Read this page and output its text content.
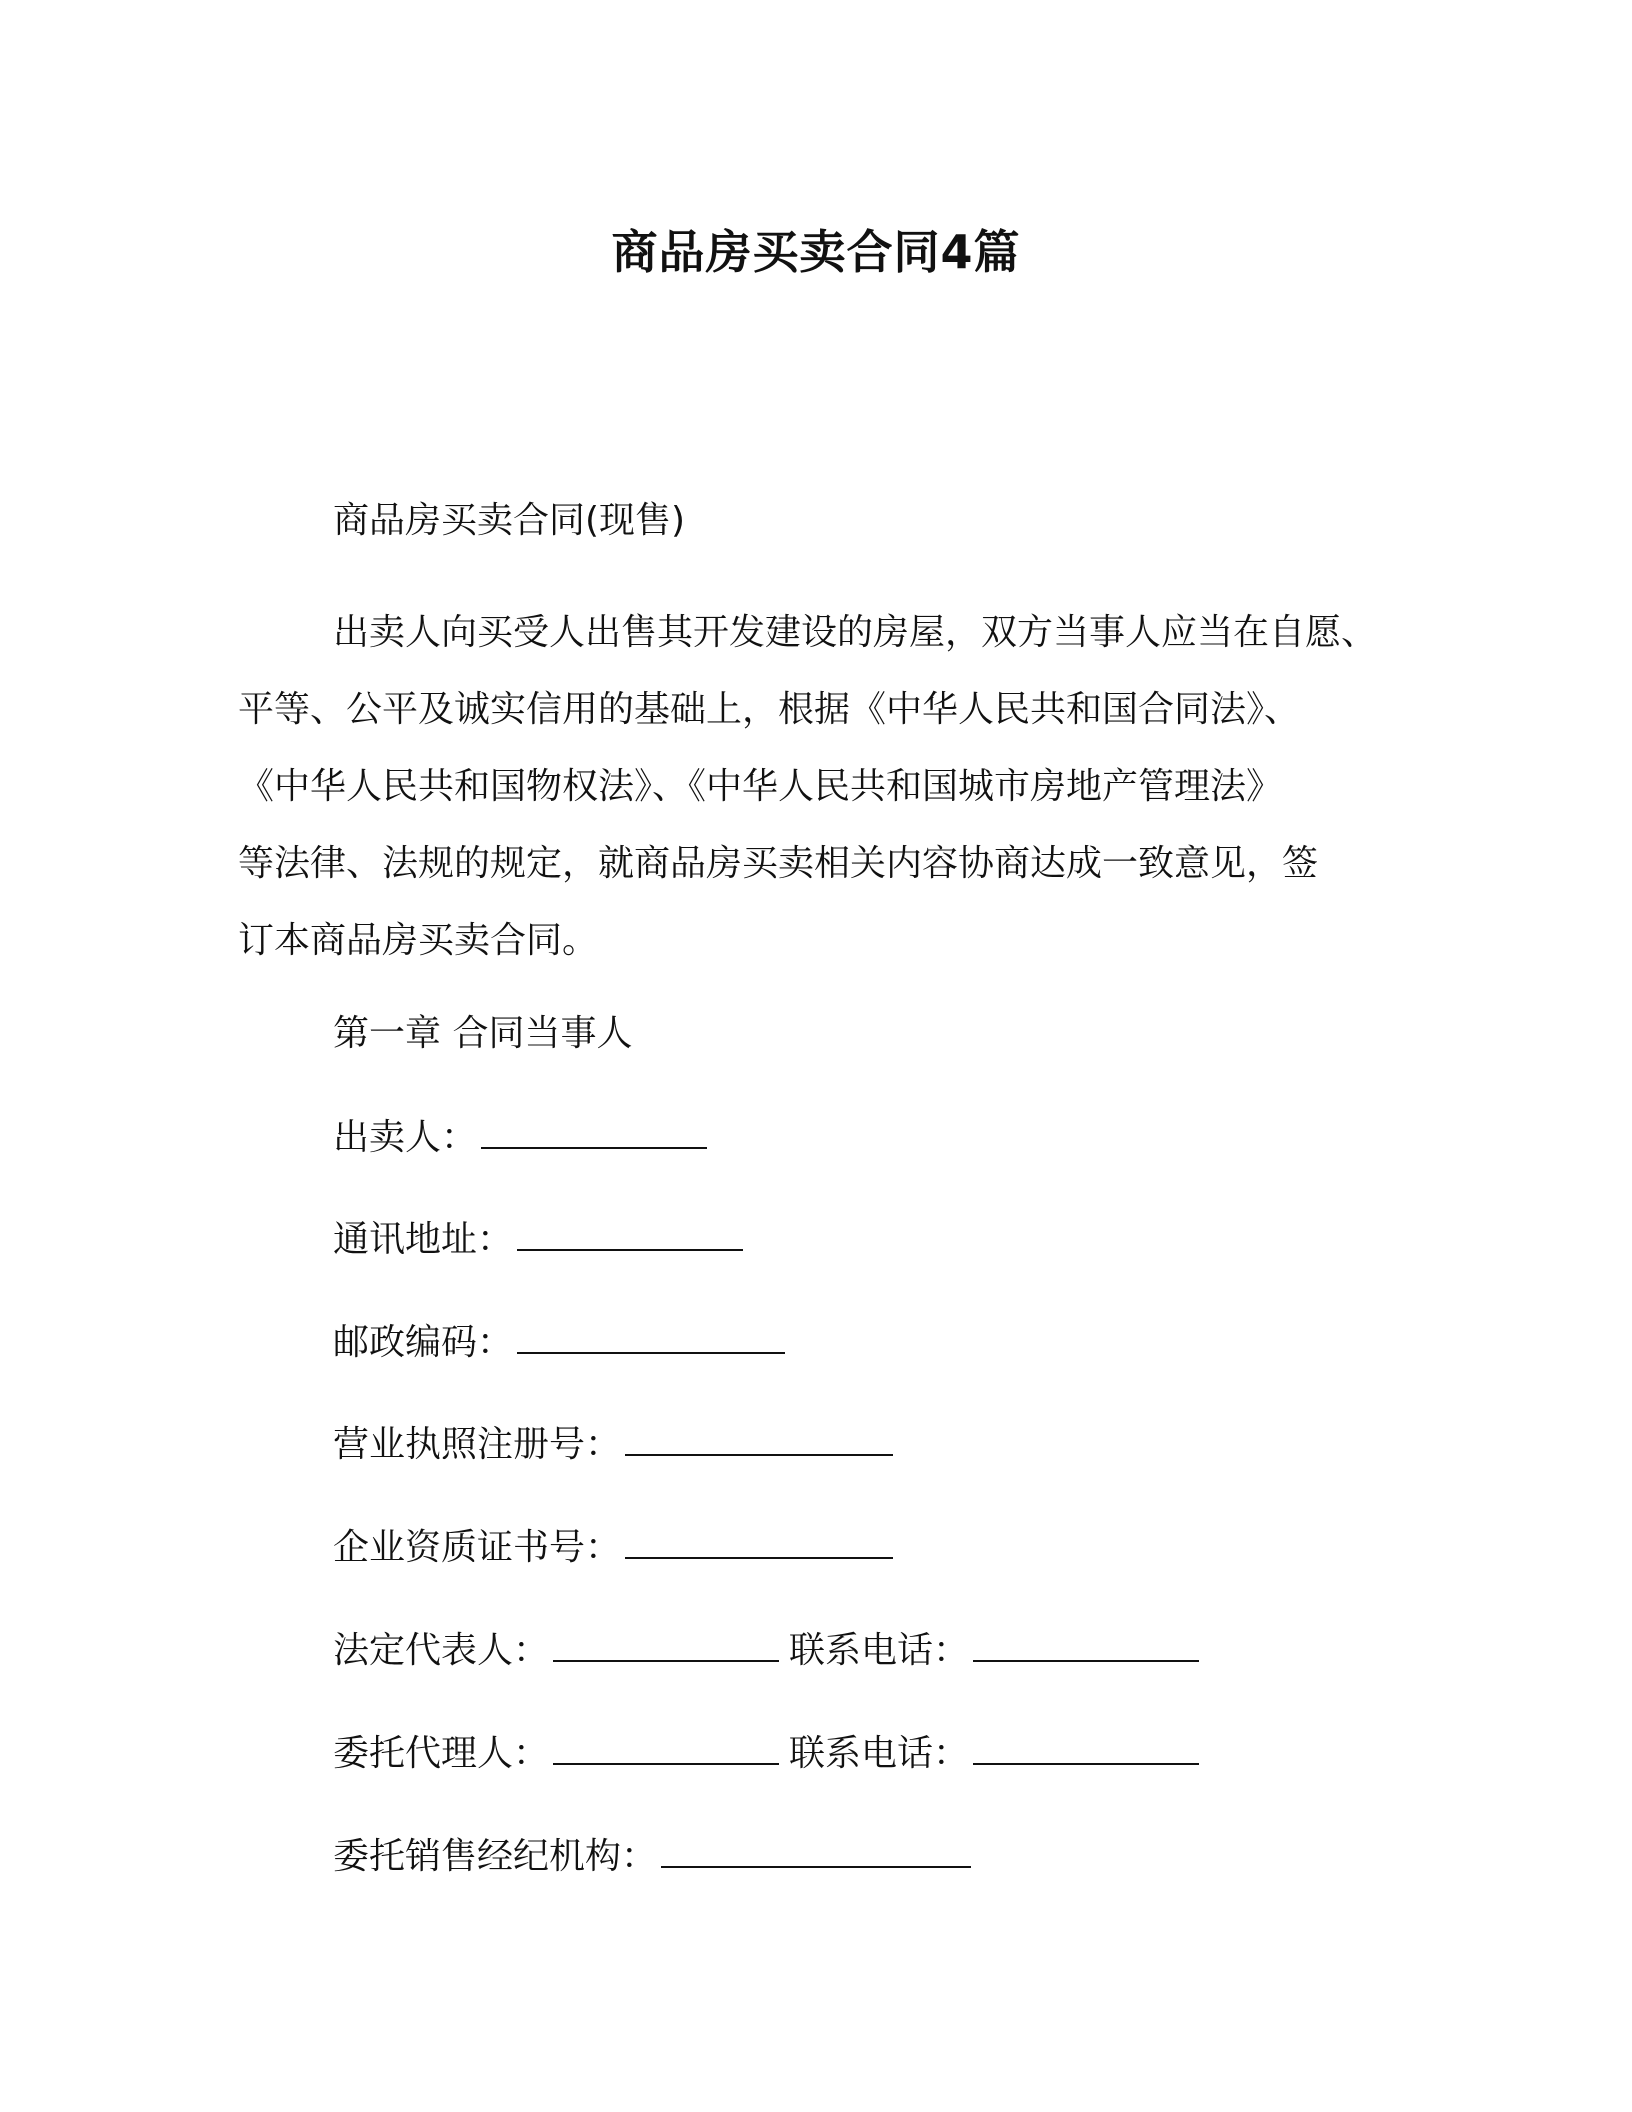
商品房买卖合同4篇
商品房买卖合同(现售)
出卖人向买受人出售其开发建设的房屋，双方当事人应当在自愿、
平等、公平及诚实信用的基础上，根据《中华人民共和国合同法》、
《中华人民共和国物权法》、《中华人民共和国城市房地产管理法》
等法律、法规的规定，就商品房买卖相关内容协商达成一致意见，签
订本商品房买卖合同。
第一章 合同当事人
出卖人：
通讯地址：
邮政编码：
营业执照注册号：
企业资质证书号：
法定代表人：	联系电话：
委托代理人：	联系电话：
委托销售经纪机构：
